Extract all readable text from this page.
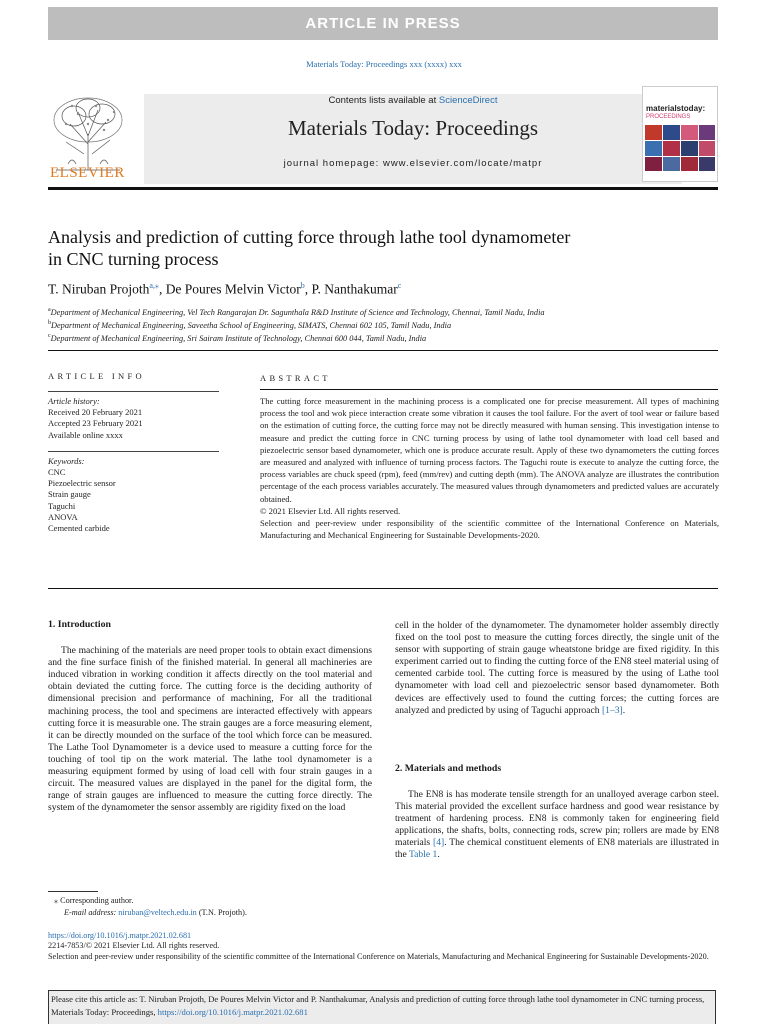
ARTICLE IN PRESS
Materials Today: Proceedings xxx (xxxx) xxx
ELSEVIER
Contents lists available at ScienceDirect
Materials Today: Proceedings
journal homepage: www.elsevier.com/locate/matpr
materialstoday:
PROCEEDINGS
Analysis and prediction of cutting force through lathe tool dynamometer
in CNC turning process
T. Niruban Projoth$^{a,⁎}$, De Poures Melvin Victor$^b$, P. Nanthakumar$^c$
$^a$Department of Mechanical Engineering, Vel Tech Rangarajan Dr. Sagunthala R&D Institute of Science and Technology, Chennai, Tamil Nadu, India
$^b$Department of Mechanical Engineering, Saveetha School of Engineering, SIMATS, Chennai 602 105, Tamil Nadu, India
$^c$Department of Mechanical Engineering, Sri Sairam Institute of Technology, Chennai 600 044, Tamil Nadu, India
ARTICLE INFO	ABSTRACT
Article history:
Received 20 February 2021
Accepted 23 February 2021
Available online xxxx
Keywords:
CNC
Piezoelectric sensor
Strain gauge
Taguchi
ANOVA
Cemented carbide

The cutting force measurement in the machining process is a complicated one for precise measurement. All types of machining process the tool and wok piece interaction create some vibration it causes the tool failure. For the avert of tool wear or failure based on the estimation of cutting force, the cutting force may not be directly measured with human sensing. This investigation intense to measure and predict the cutting force in CNC turning process by using of lathe tool dynamometer with load cell based and piezoelectric sensor based dynamometer, which one is produce accurate result. Apply of these two dynamometers the cutting forces are measured and analyzed with influence of turning process factors. The Taguchi route is execute to analyze the cutting force, the process variables are chuck speed (rpm), feed (mm/rev) and cutting depth (mm). The ANOVA analyze are illustrates the contribution percentage of the each process variables accurately. The measured values through dynamometers and predicted values are accurately obtained.

© 2021 Elsevier Ltd. All rights reserved.

Selection and peer-review under responsibility of the scientific committee of the International Conference on Materials, Manufacturing and Mechanical Engineering for Sustainable Developments-2020.

1. Introduction

The machining of the materials are need proper tools to obtain exact dimensions and the fine surface finish of the finished material. In general all machineries are induced vibration in working condition it affects directly on the tool material and obtain deviated the cutting force. The cutting force is the deciding authority of dimensional precision and performance of machining, For all the traditional machining process, the tool and specimens are interacted effectively with appears cutting force it is measurable one. The strain gauges are a force measuring element, it can be directly mounded on the surface of the tool which force can be measured. The Lathe Tool Dynamometer is a device used to measure a cutting force for the touching of tool tip on the work material. The lathe tool dynamometer is a measuring equipment formed by using of load cell with four strain gauges in a circuit. The measured values are displayed in the panel for the digital form, the range of strain gauges are influenced to measure the cutting force directly. The system of the dynamometer the sensor assembly are rigidity fixed on the load

cell in the holder of the dynamometer. The dynamometer holder assembly directly fixed on the tool post to measure the cutting forces directly, the single unit of the sensor with supporting of strain gauge wheatstone bridge are fixed rigidity. In this experiment carried out to finding the cutting force of the EN8 steel material using of cemented carbide tool. The cutting force is measured by the using of Lathe tool dynamometer with load cell and piezoelectric sensor based dynamometer. Both devices are effectively used to found the cutting forces; the cutting forces are analyzed and predicted by using of Taguchi approach [1–3].

2. Materials and methods

The EN8 is has moderate tensile strength for an unalloyed average carbon steel. This material provided the excellent surface hardness and good wear resistance by treatment of hardening process. EN8 is commonly taken for engineering field applications, the shafts, bolts, connecting rods, screw pin; rollers are made by EN8 materials [4]. The chemical constituent elements of EN8 materials are illustrated in the Table 1.

⁎ Corresponding author.
E-mail address: niruban@veltech.edu.in (T.N. Projoth).
https://doi.org/10.1016/j.matpr.2021.02.681
2214-7853/© 2021 Elsevier Ltd. All rights reserved.
Selection and peer-review under responsibility of the scientific committee of the International Conference on Materials, Manufacturing and Mechanical Engineering for Sustainable Developments-2020.
Please cite this article as: T. Niruban Projoth, De Poures Melvin Victor and P. Nanthakumar, Analysis and prediction of cutting force through lathe tool dynamometer in CNC turning process, Materials Today: Proceedings, https://doi.org/10.1016/j.matpr.2021.02.681
